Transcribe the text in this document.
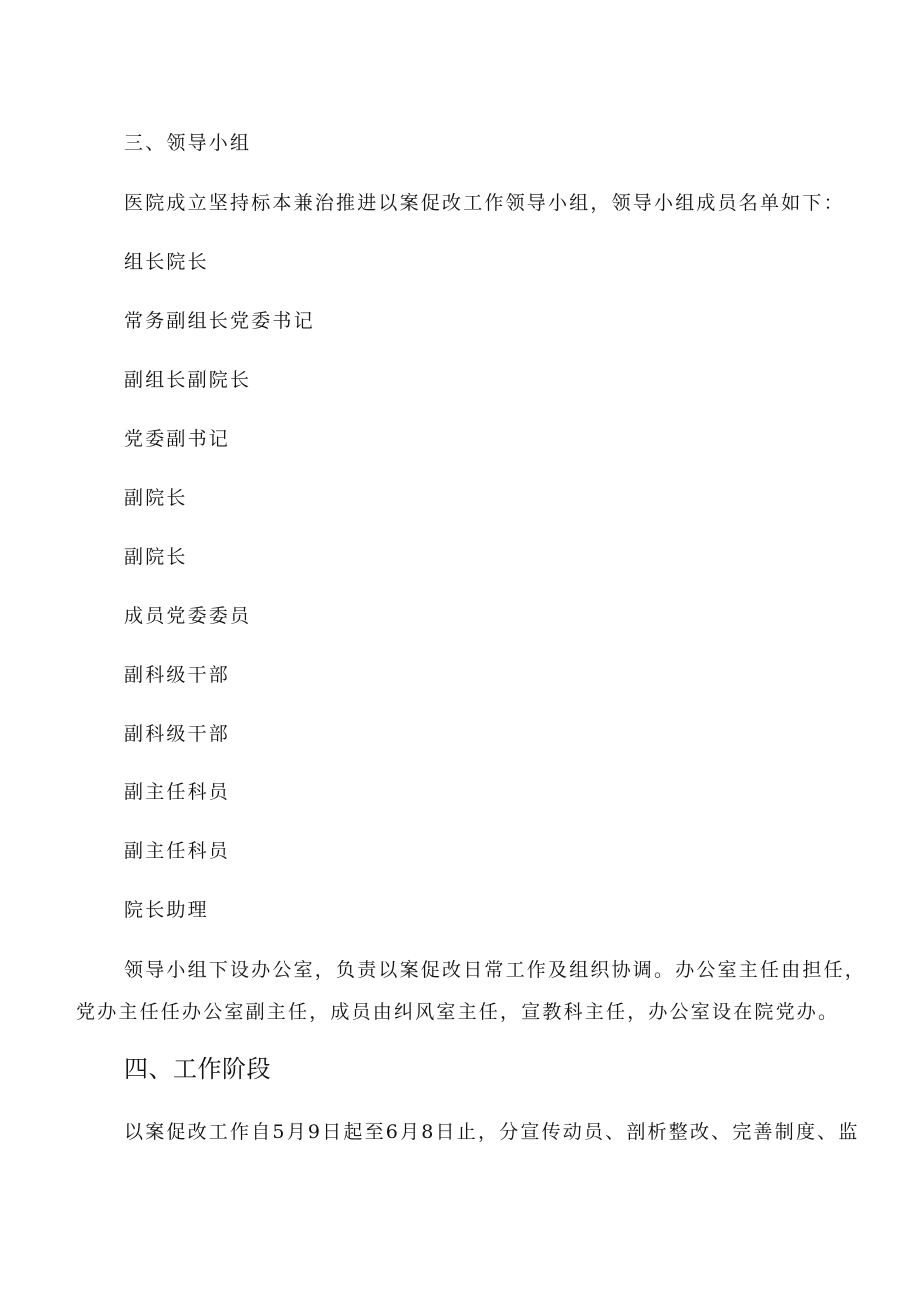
三、领导小组
医院成立坚持标本兼治推进以案促改工作领导小组，领导小组成员名单如下：
组长院长
常务副组长党委书记
副组长副院长
党委副书记
副院长
副院长
成员党委委员
副科级干部
副科级干部
副主任科员
副主任科员
院长助理
领导小组下设办公室，负责以案促改日常工作及组织协调。办公室主任由担任，
党办主任任办公室副主任，成员由纠风室主任，宣教科主任，办公室设在院党办。
四、工作阶段
以案促改工作自5月9日起至6月8日止，分宣传动员、剖析整改、完善制度、监
